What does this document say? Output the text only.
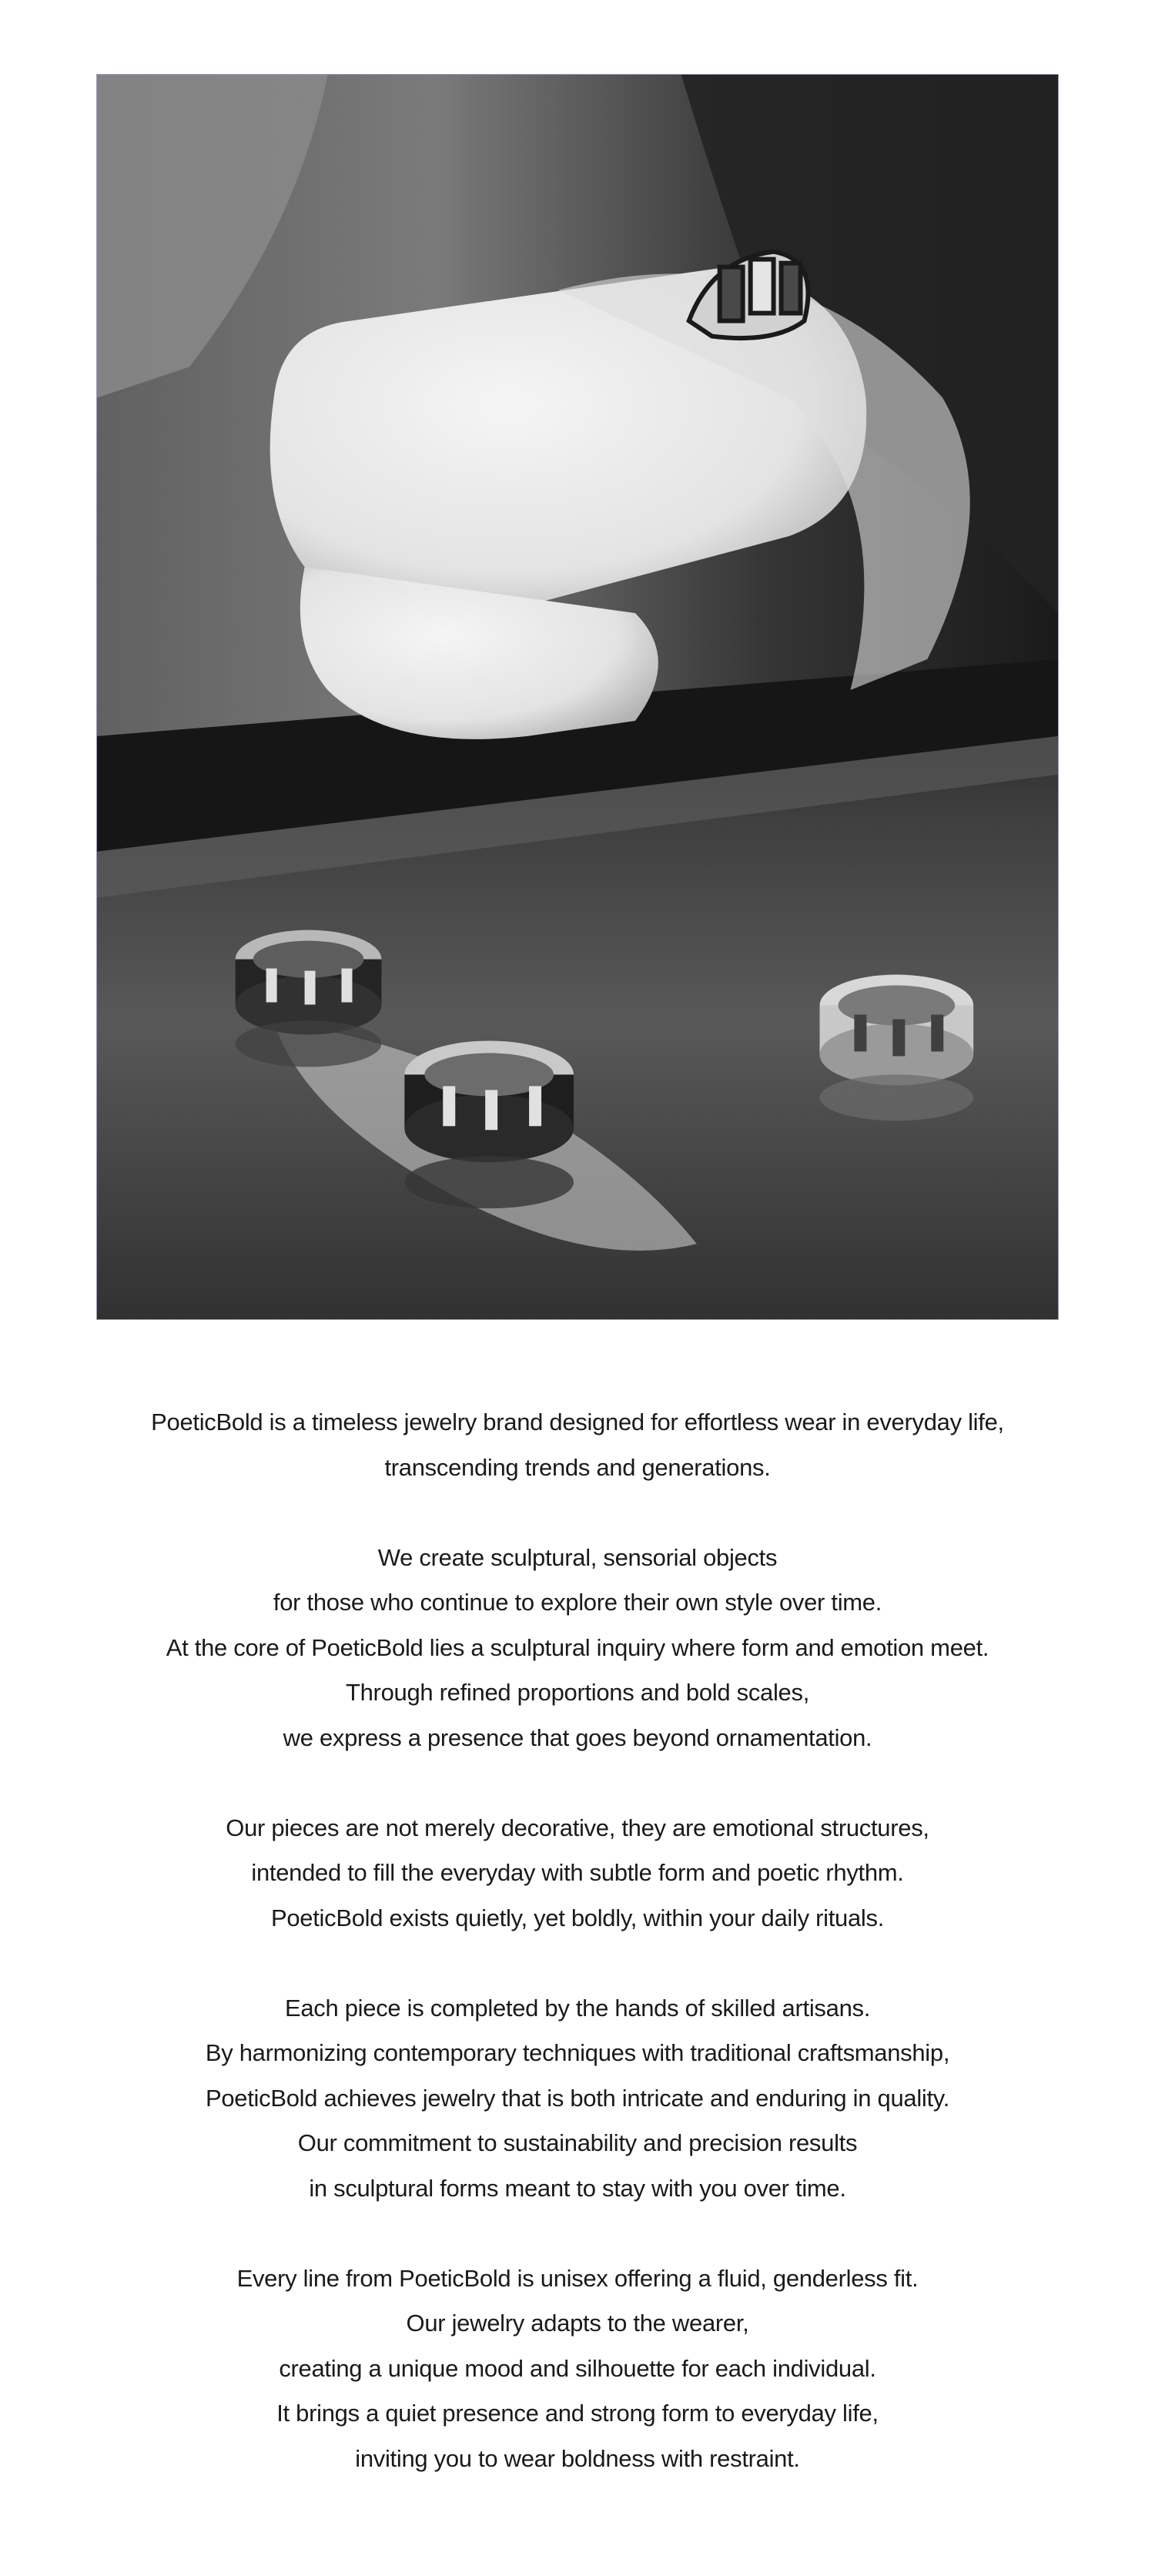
PoeticBold is a timeless jewelry brand designed for effortless wear in everyday life,
transcending trends and generations.

We create sculptural, sensorial objects
for those who continue to explore their own style over time.
At the core of PoeticBold lies a sculptural inquiry where form and emotion meet.
Through refined proportions and bold scales,
we express a presence that goes beyond ornamentation.

Our pieces are not merely decorative, they are emotional structures,
intended to fill the everyday with subtle form and poetic rhythm.
PoeticBold exists quietly, yet boldly, within your daily rituals.

Each piece is completed by the hands of skilled artisans.
By harmonizing contemporary techniques with traditional craftsmanship,
PoeticBold achieves jewelry that is both intricate and enduring in quality.
Our commitment to sustainability and precision results
in sculptural forms meant to stay with you over time.

Every line from PoeticBold is unisex offering a fluid, genderless fit.
Our jewelry adapts to the wearer,
creating a unique mood and silhouette for each individual.
It brings a quiet presence and strong form to everyday life,
inviting you to wear boldness with restraint.
